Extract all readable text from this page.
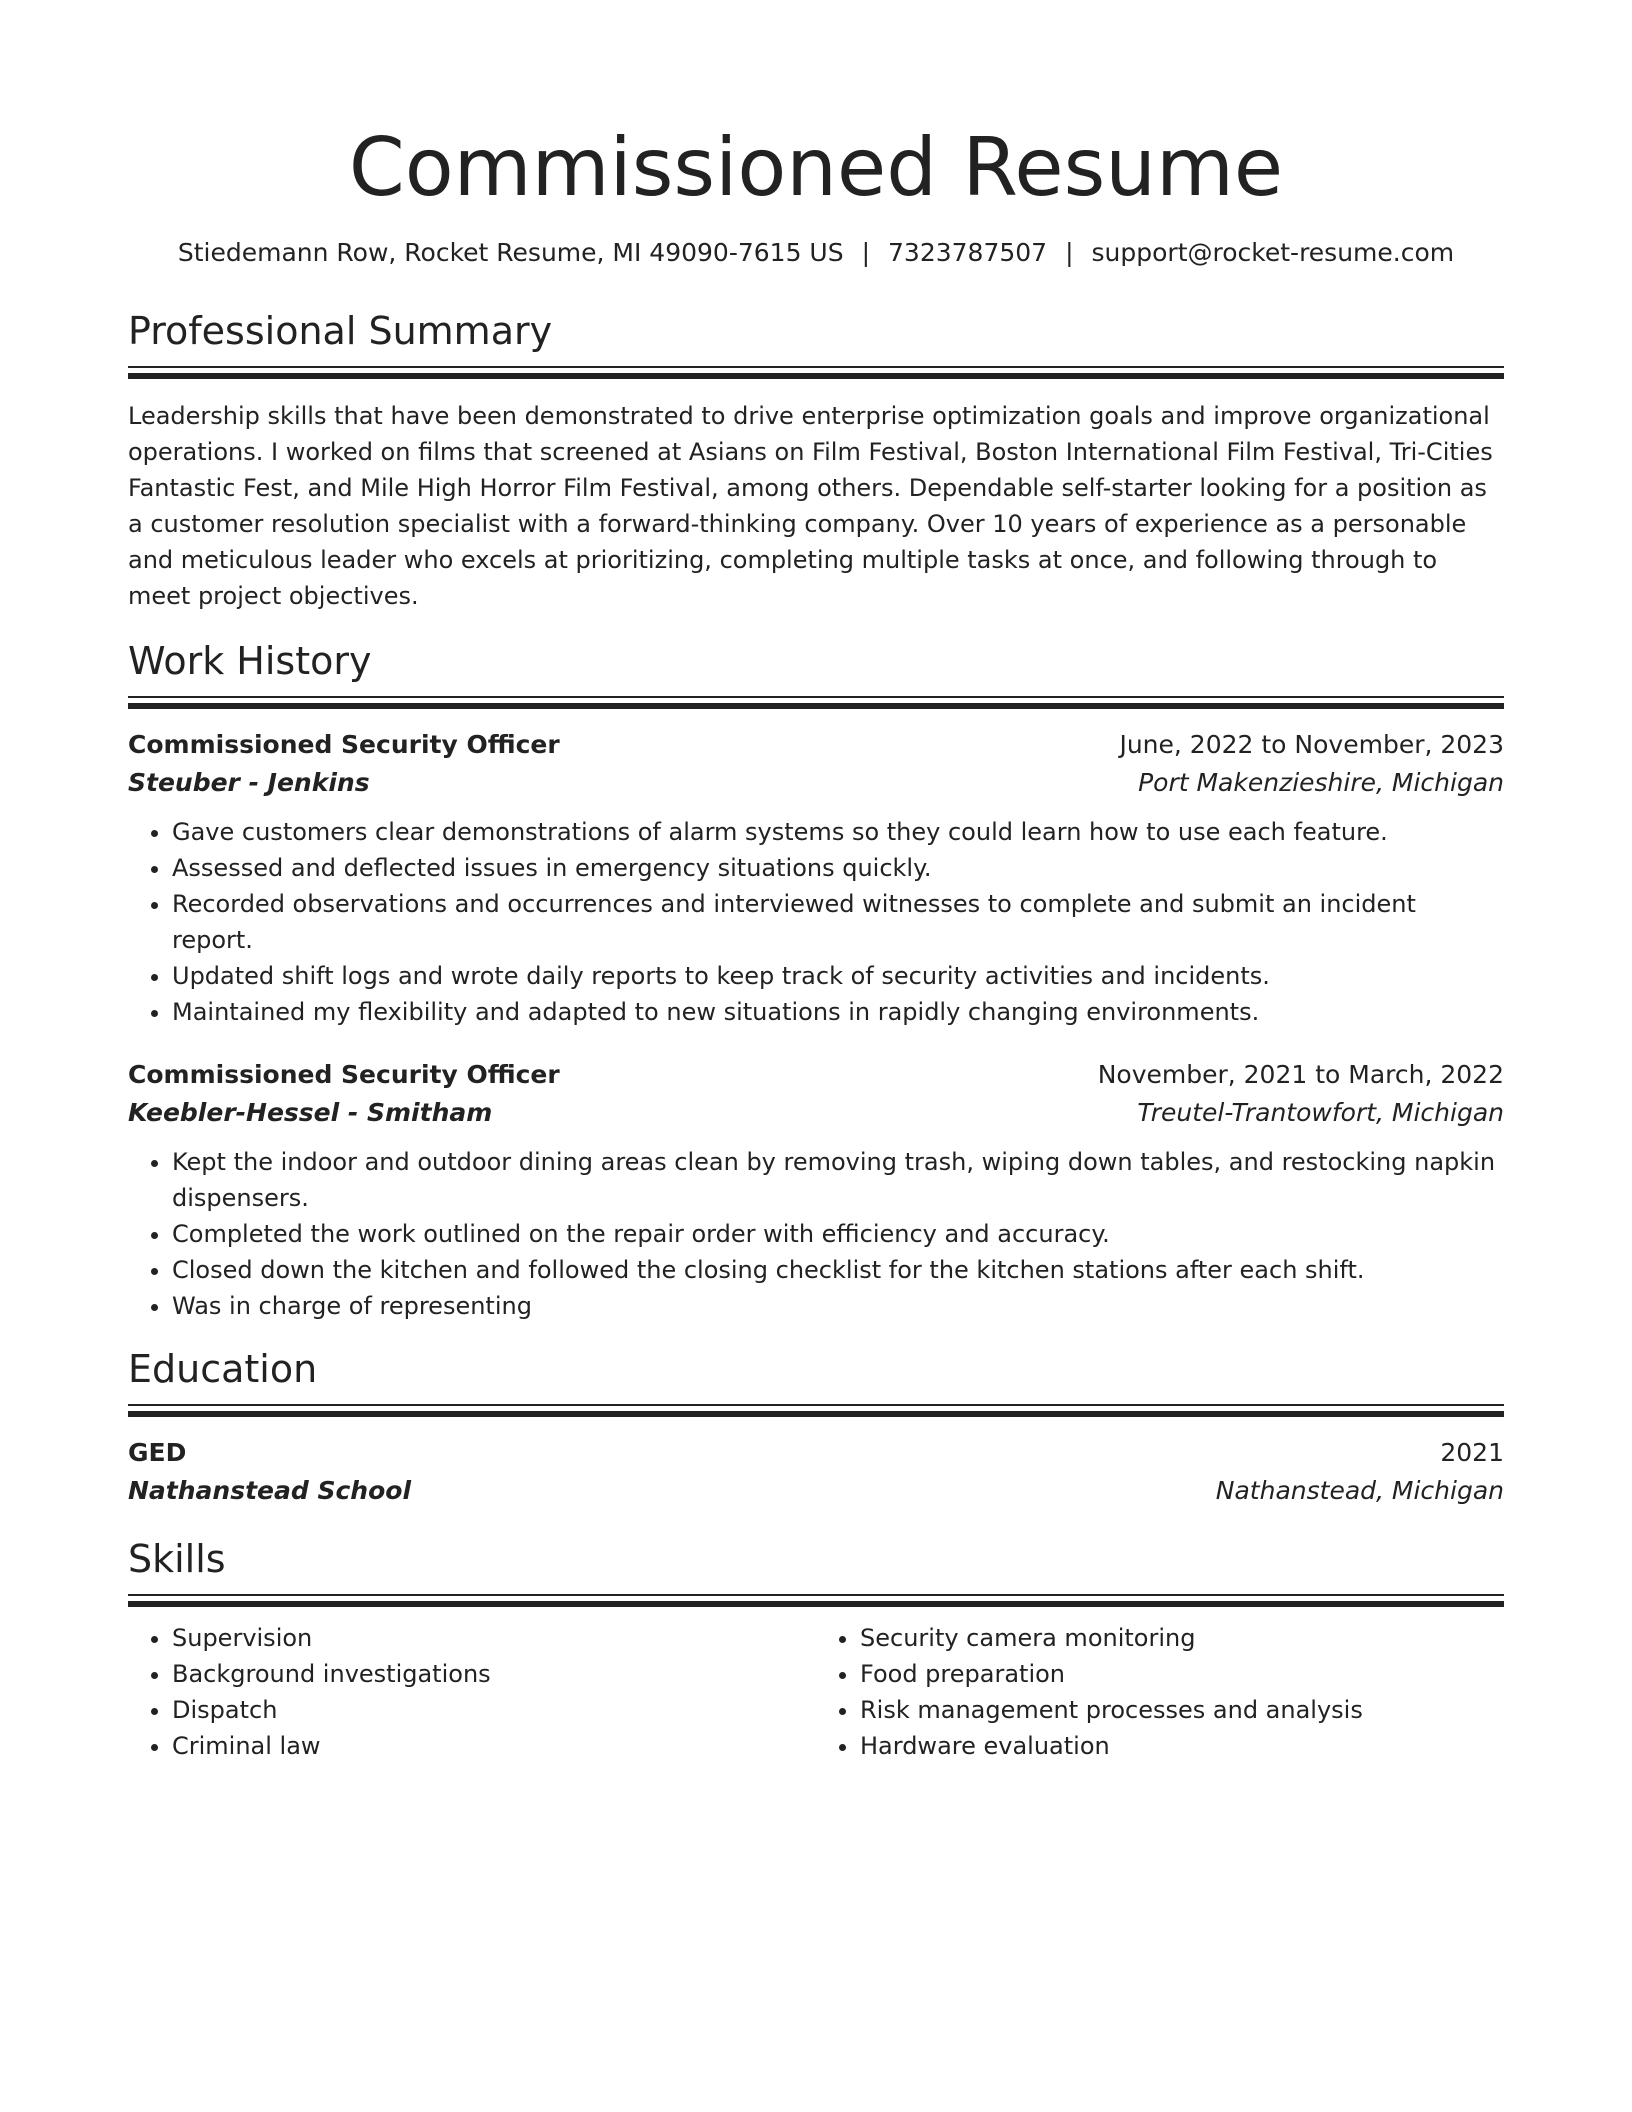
Commissioned Resume
Stiedemann Row, Rocket Resume, MI 49090-7615 US | 7323787507 | support@rocket-resume.com
Professional Summary
Leadership skills that have been demonstrated to drive enterprise optimization goals and improve organizational operations. I worked on films that screened at Asians on Film Festival, Boston International Film Festival, Tri-Cities Fantastic Fest, and Mile High Horror Film Festival, among others. Dependable self-starter looking for a position as a customer resolution specialist with a forward-thinking company. Over 10 years of experience as a personable and meticulous leader who excels at prioritizing, completing multiple tasks at once, and following through to meet project objectives.
Work History
Commissioned Security Officer	June, 2022 to November, 2023
Steuber - Jenkins	Port Makenzieshire, Michigan
• Gave customers clear demonstrations of alarm systems so they could learn how to use each feature.
• Assessed and deflected issues in emergency situations quickly.
• Recorded observations and occurrences and interviewed witnesses to complete and submit an incident report.
• Updated shift logs and wrote daily reports to keep track of security activities and incidents.
• Maintained my flexibility and adapted to new situations in rapidly changing environments.
Commissioned Security Officer	November, 2021 to March, 2022
Keebler-Hessel - Smitham	Treutel-Trantowfort, Michigan
• Kept the indoor and outdoor dining areas clean by removing trash, wiping down tables, and restocking napkin dispensers.
• Completed the work outlined on the repair order with efficiency and accuracy.
• Closed down the kitchen and followed the closing checklist for the kitchen stations after each shift.
• Was in charge of representing
Education
GED	2021
Nathanstead School	Nathanstead, Michigan
Skills
• Supervision
• Background investigations
• Dispatch
• Criminal law
• Security camera monitoring
• Food preparation
• Risk management processes and analysis
• Hardware evaluation
